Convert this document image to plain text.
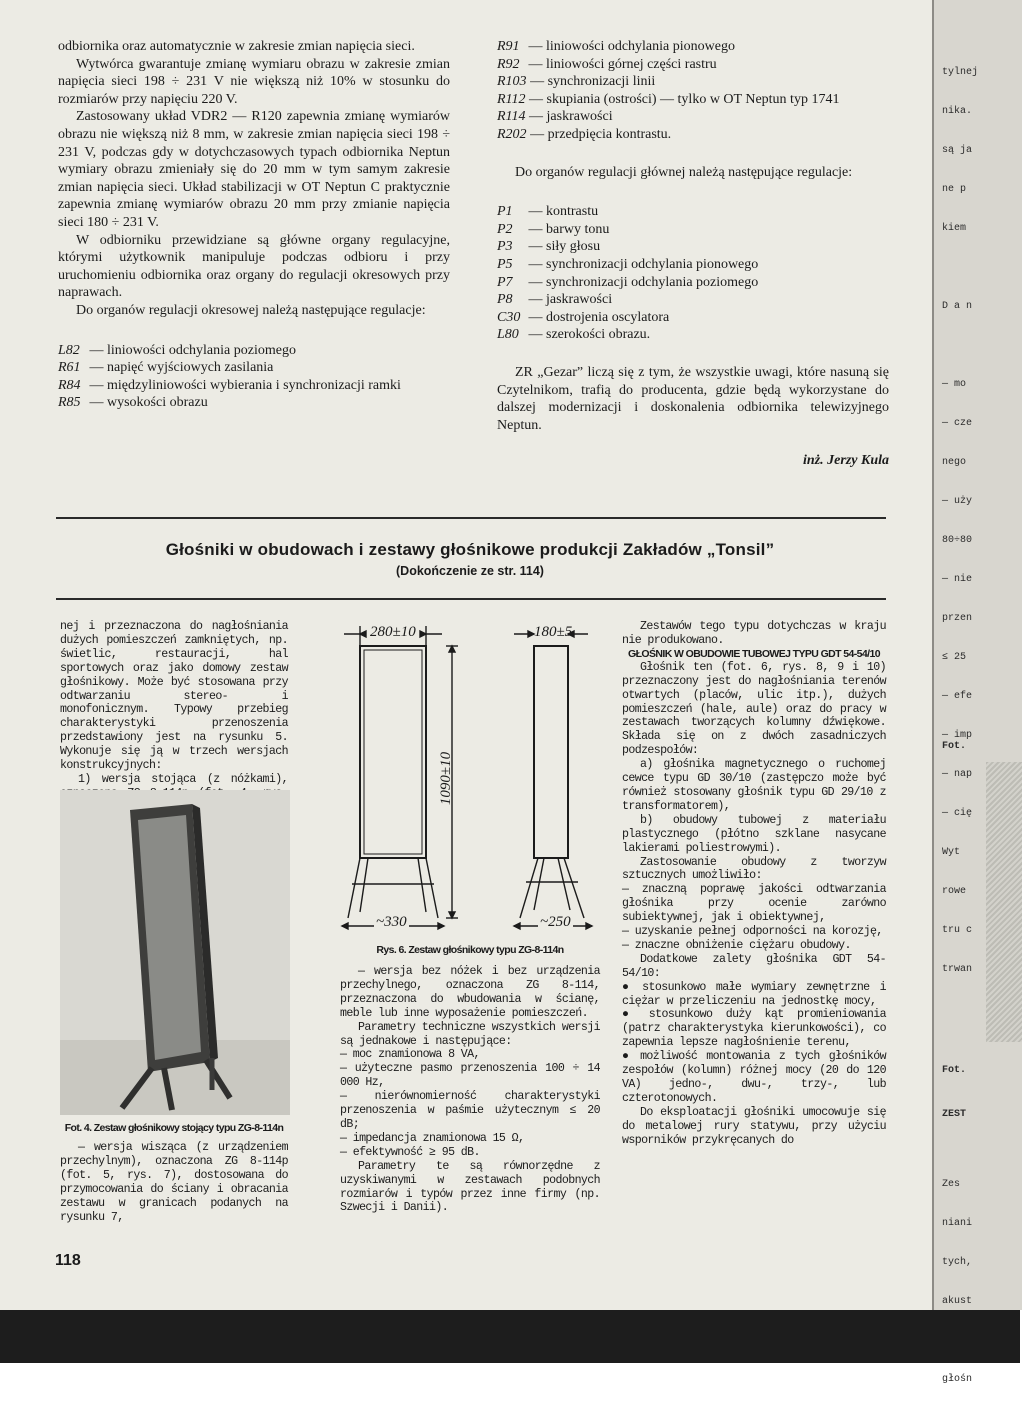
odbiornika oraz automatycznie w zakresie zmian napięcia sieci.

Wytwórca gwarantuje zmianę wymiaru obrazu w zakresie zmian napięcia sieci 198 ÷ 231 V nie większą niż 10% w stosunku do rozmiarów przy napięciu 220 V.

Zastosowany układ VDR2 — R120 zapewnia zmianę wymiarów obrazu nie większą niż 8 mm, w zakresie zmian napięcia sieci 198 ÷ 231 V, podczas gdy w dotychczasowych typach odbiornika Neptun wymiary obrazu zmieniały się do 20 mm w tym samym zakresie zmian napięcia sieci. Układ stabilizacji w OT Neptun C praktycznie zapewnia zmianę wymiarów obrazu 20 mm przy zmianie napięcia sieci 180 ÷ 231 V.

W odbiorniku przewidziane są główne organy regulacyjne, którymi użytkownik manipuluje podczas odbioru i przy uruchomieniu odbiornika oraz organy do regulacji okresowych przy naprawach.

Do organów regulacji okresowej należą następujące regulacje:

L82 — liniowości odchylania poziomego
R61 — napięć wyjściowych zasilania
R84 — międzyliniowości wybierania i synchronizacji ramki
R85 — wysokości obrazu
R91 — liniowości odchylania pionowego
R92 — liniowości górnej części rastru
R103 — synchronizacji linii
R112 — skupiania (ostrości) — tylko w OT Neptun typ 1741
R114 — jaskrawości
R202 — przedpięcia kontrastu.

Do organów regulacji głównej należą następujące regulacje:

P1 — kontrastu
P2 — barwy tonu
P3 — siły głosu
P5 — synchronizacji odchylania pionowego
P7 — synchronizacji odchylania poziomego
P8 — jaskrawości
C30 — dostrojenia oscylatora
L80 — szerokości obrazu.

ZR „Gezar” liczą się z tym, że wszystkie uwagi, które nasuną się Czytelnikom, trafią do producenta, gdzie będą wykorzystane do dalszej modernizacji i doskonalenia odbiornika telewizyjnego Neptun.

inż. Jerzy Kula

Głośniki w obudowach i zestawy głośnikowe produkcji Zakładów „Tonsil”
(Dokończenie ze str. 114)

nej i przeznaczona do nagłośniania dużych pomieszczeń zamkniętych, np. świetlic, restauracji, hal sportowych oraz jako domowy zestaw głośnikowy. Może być stosowana przy odtwarzaniu stereo- i monofonicznym. Typowy przebieg charakterystyki przenoszenia przedstawiony jest na rysunku 5. Wykonuje się ją w trzech wersjach konstrukcyjnych:

1) wersja stojąca (z nóżkami),

Fot. 4. Zestaw głośnikowy stojący typu ZG-8-114n

— wersja wisząca (z urządzeniem przechylnym), oznaczona ZG 8-114p (fot. 5, rys. 7), dostosowana do przymocowania do ściany i obracania zestawu w granicach podanych na rysunku 7,

280±10	180±5
1090±10
~330	~250

Rys. 6. Zestaw głośnikowy typu ZG-8-114n

— wersja bez nóżek i bez urządzenia przechylnego, oznaczona ZG 8-114, przeznaczona do wbudowania w ścianę, meble lub inne wyposażenie pomieszczeń.

Parametry techniczne wszystkich wersji są jednakowe i następujące:

— moc znamionowa 8 VA,

— użyteczne pasmo przenoszenia 100 ÷ 14 000 Hz,

— nierównomierność charakterystyki przenoszenia w paśmie użytecznym ≤ 20 dB;

— impedancja znamionowa 15 Ω,

— efektywność ≥ 95 dB.

Parametry te są równorzędne z uzyskiwanymi w zestawach podobnych rozmiarów i typów przez inne firmy (np. Szwecji i Danii).

Zestawów tego typu dotychczas w kraju nie produkowano.

GŁOŚNIK W OBUDOWIE TUBOWEJ TYPU GDT 54-54/10

Głośnik ten (fot. 6, rys. 8, 9 i 10) przeznaczony jest do nagłośniania terenów otwartych (placów, ulic itp.), dużych pomieszczeń (hale, aule) oraz do pracy w zestawach tworzących kolumny dźwiękowe. Składa się on z dwóch zasadniczych podzespołów:

a) głośnika magnetycznego o ruchomej cewce typu GD 30/10 (zastępczo może być również stosowany głośnik typu GD 29/10 z transformatorem),

b) obudowy tubowej z materiału plastycznego (płótno szklane nasycane lakierami poliestrowymi).

Zastosowanie obudowy z tworzyw sztucznych umożliwiło:

— znaczną poprawę jakości odtwarzania głośnika przy ocenie zarówno subiektywnej, jak i obiektywnej,

— uzyskanie pełnej odporności na korozję,

— znaczne obniżenie ciężaru obudowy.

Dodatkowe zalety głośnika GDT 54-54/10:

● stosunkowo małe wymiary zewnętrzne i ciężar w przeliczeniu na jednostkę mocy,

● stosunkowo duży kąt promieniowania (patrz charakterystyka kierunkowości), co zapewnia lepsze nagłośnienie terenu,

● możliwość montowania z tych głośników zespołów (kolumn) różnej mocy (20 do 120 VA) jedno-, dwu-, trzy-, lub czterotonowych.

Do eksploatacji głośniki umocowuje się do metalowej rury statywu, przy użyciu wsporników przykręcanych do

118

tylnej

nika.

są ja

ne p

kiem

D a n

— mo

— cze

nego

— uży

80÷80

— nie

przen

≤ 25

— efe

— imp

— nap

— cię

Wyt

rowe

tru c

trwan

Fot.
Fot.
ZEST

Zes

niani

tych,

akust

głośn
